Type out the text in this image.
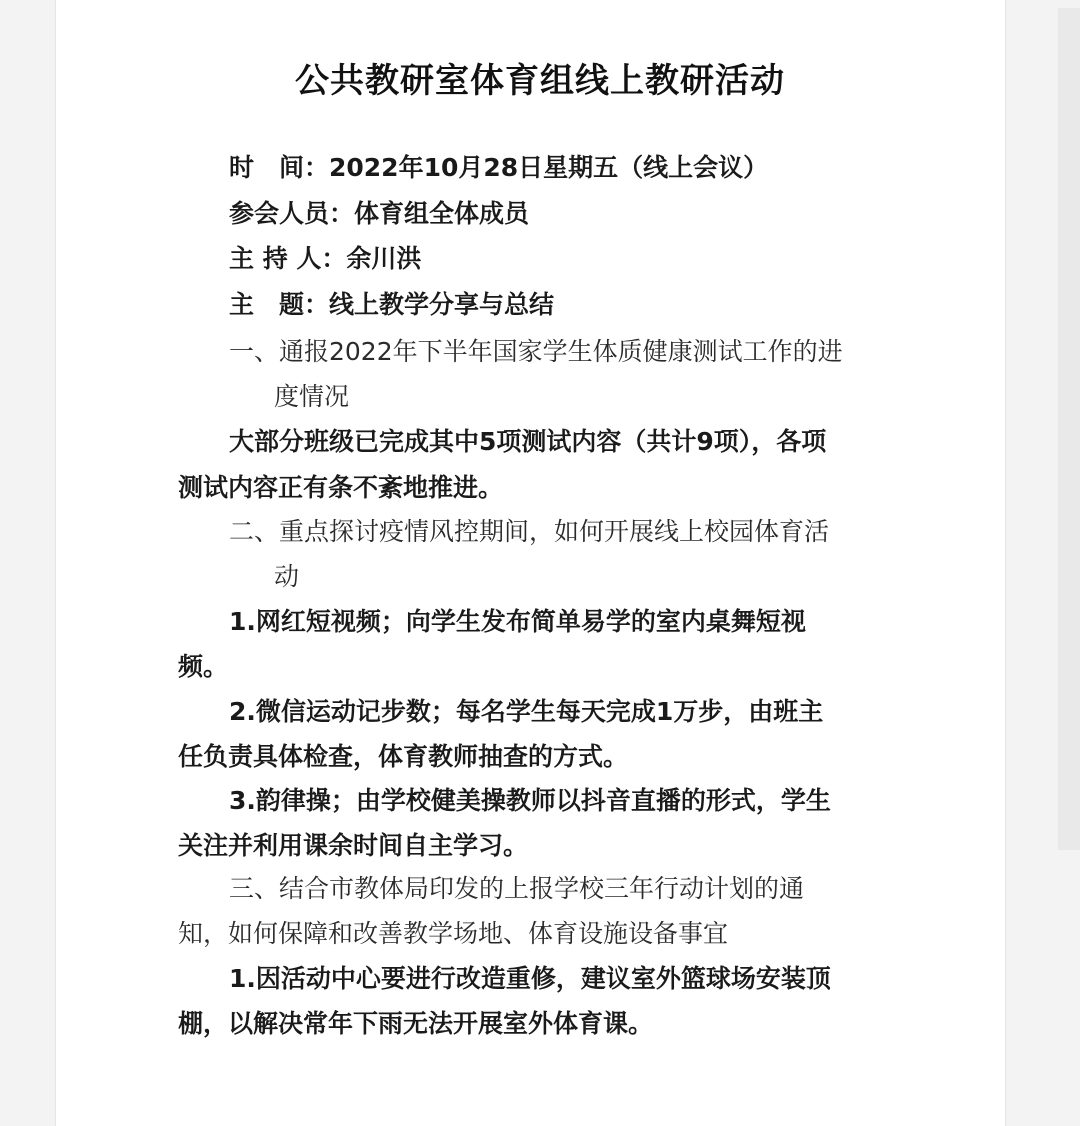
公共教研室体育组线上教研活动
时　间：2022年10月28日星期五（线上会议）
参会人员：体育组全体成员
主 持 人：余川洪
主　题：线上教学分享与总结
一、通报2022年下半年国家学生体质健康测试工作的进
度情况
大部分班级已完成其中5项测试内容（共计9项），各项
测试内容正有条不紊地推进。
二、重点探讨疫情风控期间，如何开展线上校园体育活
动
1.网红短视频；向学生发布简单易学的室内桌舞短视
频。
2.微信运动记步数；每名学生每天完成1万步，由班主
任负责具体检查，体育教师抽查的方式。
3.韵律操；由学校健美操教师以抖音直播的形式，学生
关注并利用课余时间自主学习。
三、结合市教体局印发的上报学校三年行动计划的通
知，如何保障和改善教学场地、体育设施设备事宜
1.因活动中心要进行改造重修，建议室外篮球场安装顶
棚，以解决常年下雨无法开展室外体育课。
